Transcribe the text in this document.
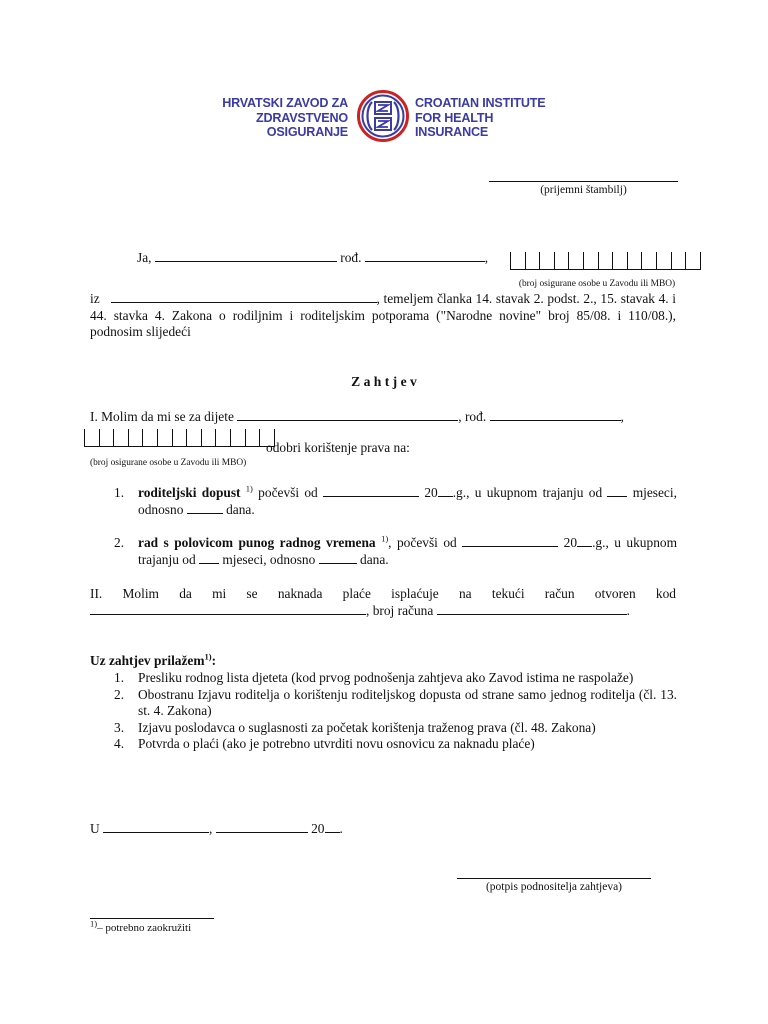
HRVATSKI ZAVOD ZA
ZDRAVSTVENO
OSIGURANJE
CROATIAN INSTITUTE
FOR HEALTH
INSURANCE
(prijemni štambilj)
Ja,	rođ.	,
(broj osigurane osobe u Zavodu ili MBO)
iz	, temeljem članka 14. stavak 2. podst. 2., 15. stavak 4. i 44. stavka 4. Zakona o rodiljnim i roditeljskim potporama ("Narodne novine" broj 85/08. i 110/08.), podnosim slijedeći
Z a h t j e v
I. Molim da mi se za dijete	, rođ.	,
odobri korištenje prava na:
(broj osigurane osobe u Zavodu ili MBO)
1.	roditeljski dopust $^{1)}$ počevši od	20 .g., u ukupnom trajanju od  mjeseci, odnosno	dana.
2.	rad s polovicom punog radnog vremena $^{1)}$, počevši od	20 .g., u ukupnom trajanju od  mjeseci, odnosno	dana.
II. Molim da mi se naknada plaće isplaćuje na tekući račun otvoren kod , broj računa	.
Uz zahtjev prilažem$^{1)}$:
1.	Presliku rodnog lista djeteta (kod prvog podnošenja zahtjeva ako Zavod istima ne raspolaže)
2.	Obostranu Izjavu roditelja o korištenju roditeljskog dopusta od strane samo jednog roditelja (čl. 13. st. 4. Zakona)
3.	Izjavu poslodavca o suglasnosti za početak korištenja traženog prava (čl. 48. Zakona)
4.	Potvrda o plaći (ako je potrebno utvrditi novu osnovicu za naknadu plaće)
U	,	20 .
(potpis podnositelja zahtjeva)
$^{1)}$– potrebno zaokružiti
